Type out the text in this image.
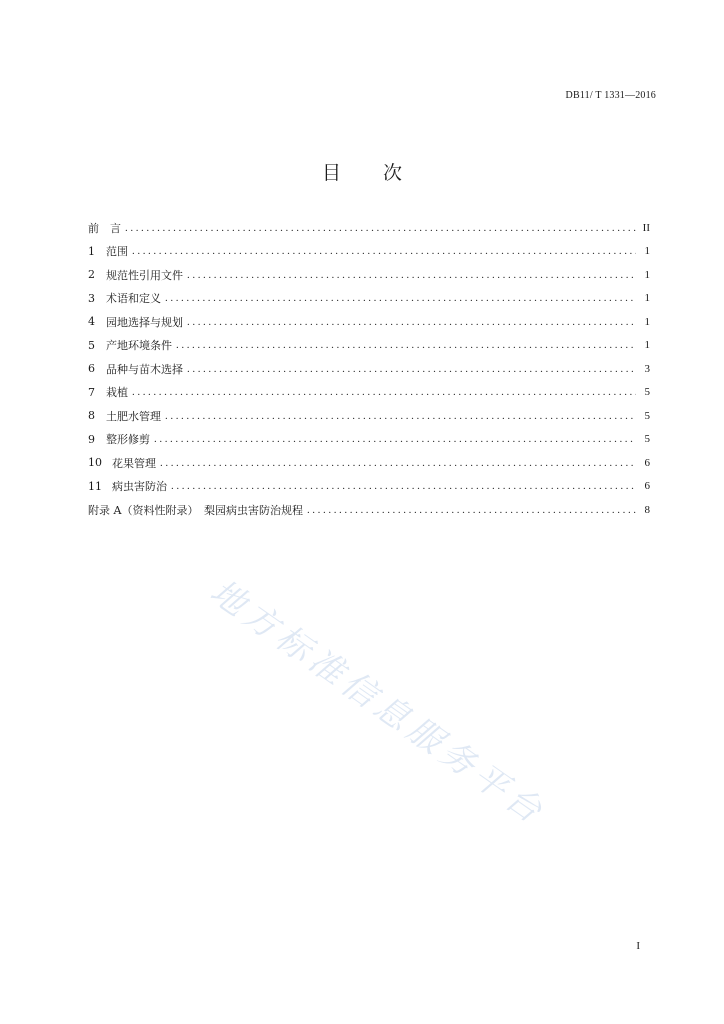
DB11/ T 1331—2016
目 次
前　言 .....	II
1	范围 .....	1
2	规范性引用文件 .....	1
3	术语和定义 .....	1
4	园地选择与规划 .....	1
5	产地环境条件 .....	1
6	品种与苗木选择 .....	3
7	栽植 .....	5
8	土肥水管理 .....	5
9	整形修剪 .....	5
10 花果管理 .....	6
11 病虫害防治 .....	6
附录 A（资料性附录）　梨园病虫害防治规程 .....	8
地方标准信息服务平台
I
